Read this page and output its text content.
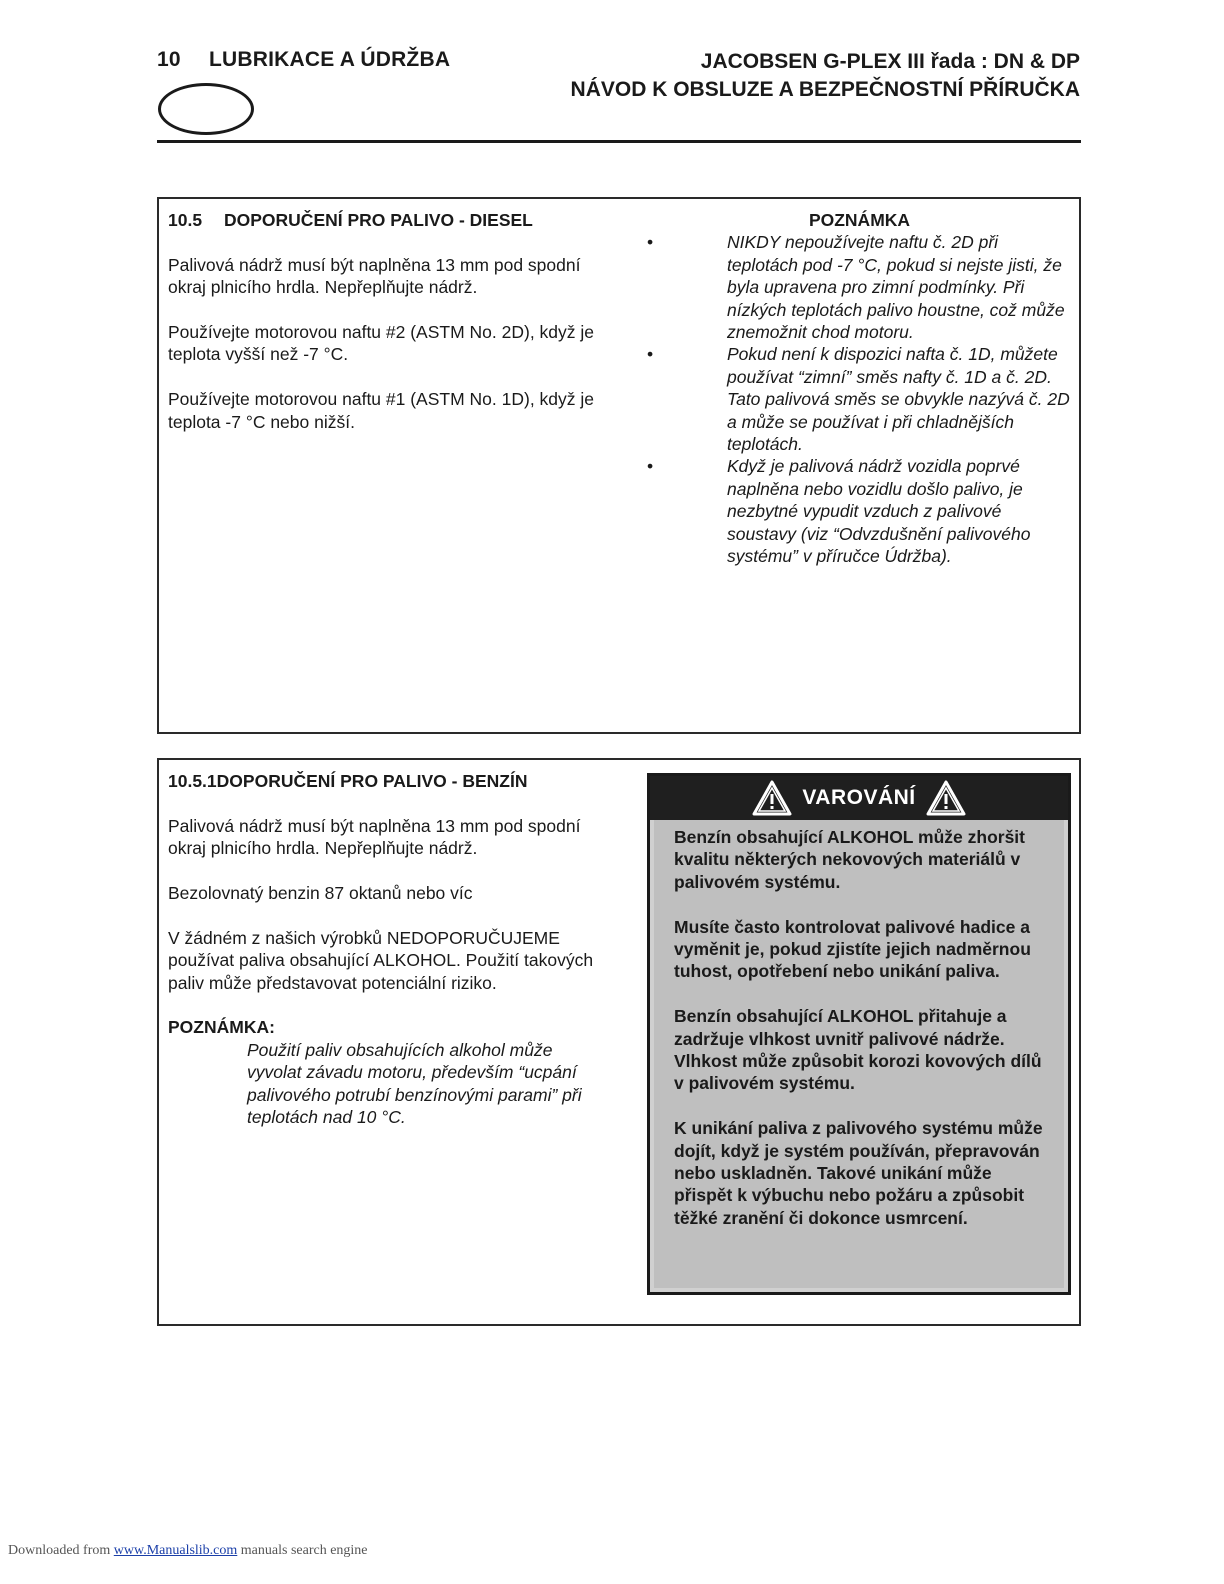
10 LUBRIKACE A ÚDRŽBA	JACOBSEN G-PLEX III řada : DN & DP
NÁVOD K OBSLUZE A BEZPEČNOSTNÍ PŘÍRUČKA
10.5 DOPORUČENÍ PRO PALIVO - DIESEL
Palivová nádrž musí být naplněna 13 mm pod spodní okraj plnicího hrdla. Nepřeplňujte nádrž.
Používejte motorovou naftu #2 (ASTM No. 2D), když je teplota vyšší než -7 °C.
Používejte motorovou naftu #1 (ASTM No. 1D), když je teplota -7 °C nebo nižší.
POZNÁMKA
•	NIKDY nepoužívejte naftu č. 2D při teplotách pod -7 °C, pokud si nejste jisti, že byla upravena pro zimní podmínky. Při nízkých teplotách palivo houstne, což může znemožnit chod motoru.
•	Pokud není k dispozici nafta č. 1D, můžete používat “zimní” směs nafty č. 1D a č. 2D. Tato palivová směs se obvykle nazývá č. 2D a může se používat i při chladnějších teplotách.
•	Když je palivová nádrž vozidla poprvé naplněna nebo vozidlu došlo palivo, je nezbytné vypudit vzduch z palivové soustavy (viz “Odvzdušnění palivového systému” v příručce Údržba).
10.5.1DOPORUČENÍ PRO PALIVO - BENZÍN
Palivová nádrž musí být naplněna 13 mm pod spodní okraj plnicího hrdla. Nepřeplňujte nádrž.
Bezolovnatý benzin 87 oktanů nebo víc
V žádném z našich výrobků NEDOPORUČUJEME používat paliva obsahující ALKOHOL. Použití takových paliv může představovat potenciální riziko.
POZNÁMKA:
Použití paliv obsahujících alkohol může vyvolat závadu motoru, především “ucpání palivového potrubí benzínovými parami” při teplotách nad 10 °C.
VAROVÁNÍ

Benzín obsahující ALKOHOL může zhoršit kvalitu některých nekovových materiálů v palivovém systému.

Musíte často kontrolovat palivové hadice a vyměnit je, pokud zjistíte jejich nadměrnou tuhost, opotřebení nebo unikání paliva.

Benzín obsahující ALKOHOL přitahuje a zadržuje vlhkost uvnitř palivové nádrže. Vlhkost může způsobit korozi kovových dílů v palivovém systému.

K unikání paliva z palivového systému může dojít, když je systém používán, přepravován nebo uskladněn. Takové unikání může přispět k výbuchu nebo požáru a způsobit těžké zranění či dokonce usmrcení.

Downloaded from www.Manualslib.com manuals search engine
